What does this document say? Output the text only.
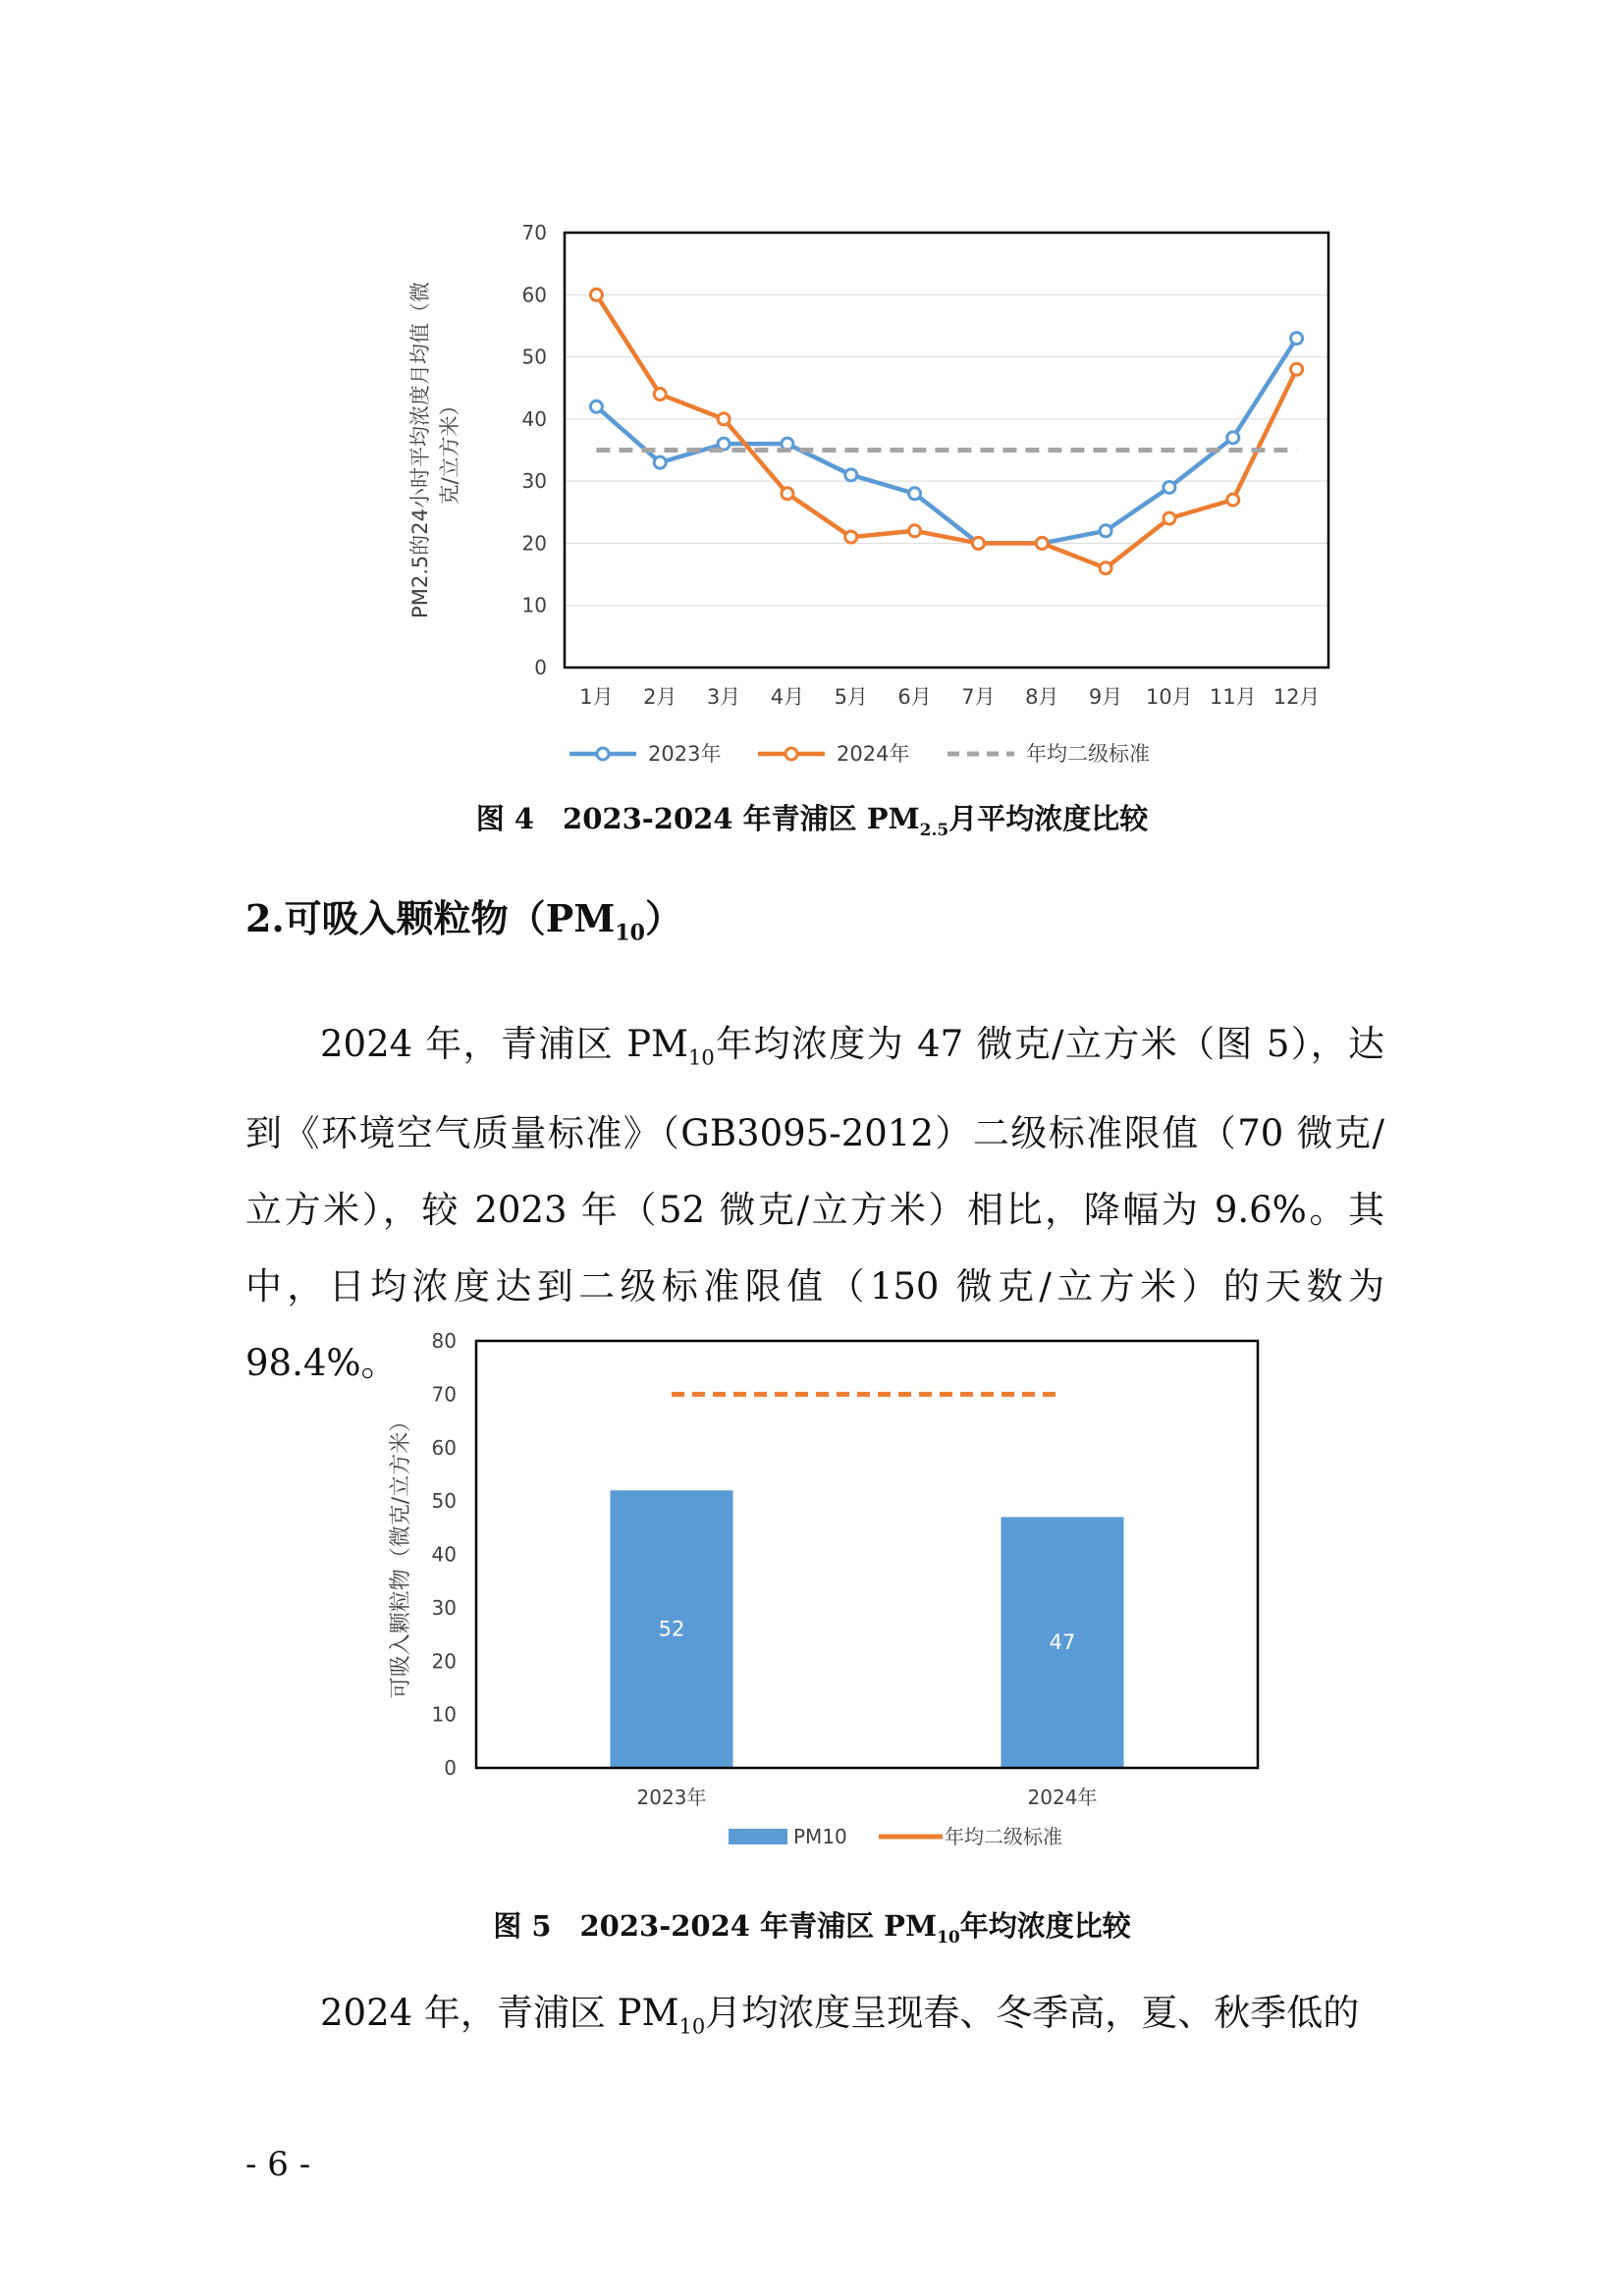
0
10
20
30
40
50
60
70
1月 2月 3月 4月 5月 6月 7月 8月 9月 10月 11月 12月
PM2.5的24小时平均浓度月均值（微 克/立方米）
2023年	2024年	年均二级标准
图 4　2023-2024 年青浦区 $PM_{2.5}$月平均浓度比较
2.可吸入颗粒物$(PM_{10})$
2024 年，青浦区 $PM_{10}$年均浓度为 47 微克/立方米（图 5），达到《环境空气质量标准》（GB3095-2012）二级标准限值（70 微克/立方米），较 2023 年（52 微克/立方米）相比，降幅为 9.6%。其中，日均浓度达到二级标准限值（150 微克/立方米）的天数为 98.4%。
0
10
20
30
40
50
60
70
80
52
47
2023年	2024年
可吸入颗粒物（微克/立方米）
PM10	年均二级标准
图 5　2023-2024 年青浦区 $PM_{10}$年均浓度比较
2024 年，青浦区 $PM_{10}$月均浓度呈现春、冬季高，夏、秋季低的
- 6 -
